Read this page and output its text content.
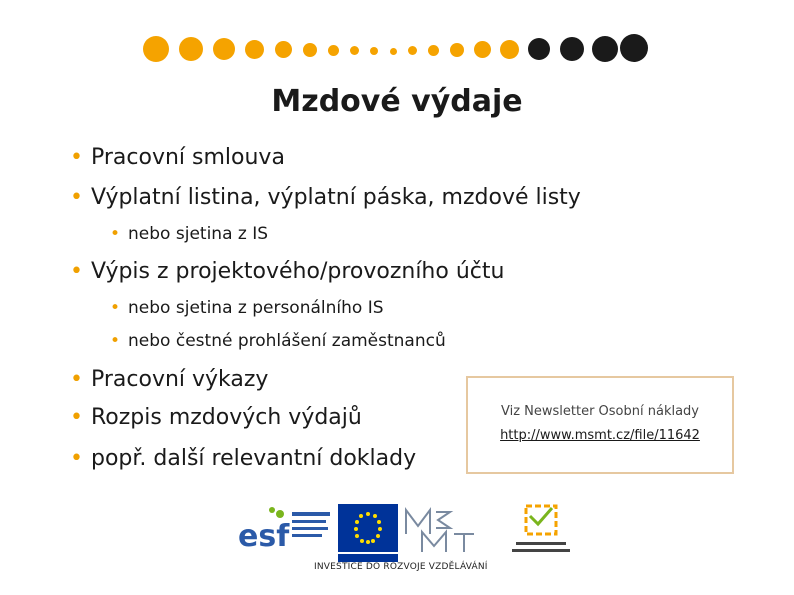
Mzdové výdaje
• Pracovní smlouva
• Výplatní listina, výplatní páska, mzdové listy
• nebo sjetina z IS
• Výpis z projektového/provozního účtu
• nebo sjetina z personálního IS
• nebo čestné prohlášení zaměstnanců
• Pracovní výkazy
• Rozpis mzdových výdajů
• popř. další relevantní doklady
Viz Newsletter Osobní náklady
http://www.msmt.cz/file/11642
esf
INVESTICE DO ROZVOJE VZDĚLÁVÁNÍ
